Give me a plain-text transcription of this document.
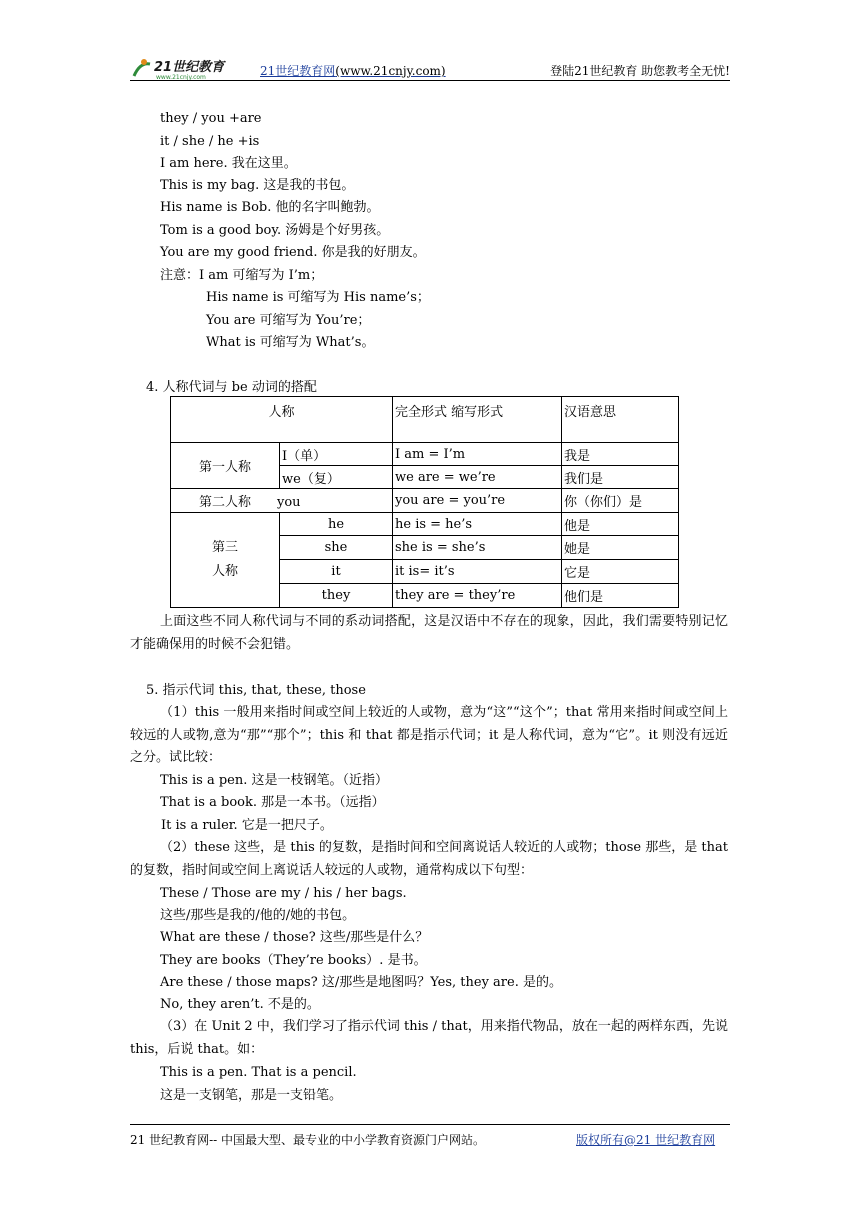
21世纪教育
www.21cnjy.com	21世纪教育网(www.21cnjy.com)	登陆21世纪教育 助您教考全无忧!
they / you +are
it / she / he +is
I am here. 我在这里。
This is my bag. 这是我的书包。
His name is Bob. 他的名字叫鲍勃。
Tom is a good boy. 汤姆是个好男孩。
You are my good friend. 你是我的好朋友。
注意：I am 可缩写为 I’m；
His name is 可缩写为 His name’s；
You are 可缩写为 You’re；
What is 可缩写为 What’s。
4. 人称代词与 be 动词的搭配
人称		完全形式 缩写形式	汉语意思
第一人称	I（单）	I am = I’m	我是
	we（复）	we are = we’re	我们是
第二人称 you		you are = you’re	你（你们）是
第三
人称	he	he is = he’s	他是
	she	she is = she’s	她是
	it	it is= it’s	它是
	they	they are = they’re	他们是
上面这些不同人称代词与不同的系动词搭配，这是汉语中不存在的现象，因此，我们需要特别记忆才能确保用的时候不会犯错。
5. 指示代词 this, that, these, those
（1）this 一般用来指时间或空间上较近的人或物，意为“这”“这个”；that 常用来指时间或空间上较远的人或物,意为“那”“那个”；this 和 that 都是指示代词；it 是人称代词，意为“它”。it 则没有远近之分。试比较：
This is a pen. 这是一枝钢笔。（近指）
That is a book. 那是一本书。（远指）
It is a ruler. 它是一把尺子。
（2）these 这些，是 this 的复数，是指时间和空间离说话人较近的人或物；those 那些，是 that 的复数，指时间或空间上离说话人较远的人或物，通常构成以下句型：
These / Those are my / his / her bags.
这些/那些是我的/他的/她的书包。
What are these / those? 这些/那些是什么？
They are books（They’re books）. 是书。
Are these / those maps? 这/那些是地图吗？Yes, they are. 是的。
No, they aren’t. 不是的。
（3）在 Unit 2 中，我们学习了指示代词 this / that，用来指代物品，放在一起的两样东西，先说 this，后说 that。如：
This is a pen. That is a pencil.
这是一支钢笔，那是一支铅笔。
21 世纪教育网-- 中国最大型、最专业的中小学教育资源门户网站。	版权所有@21 世纪教育网
